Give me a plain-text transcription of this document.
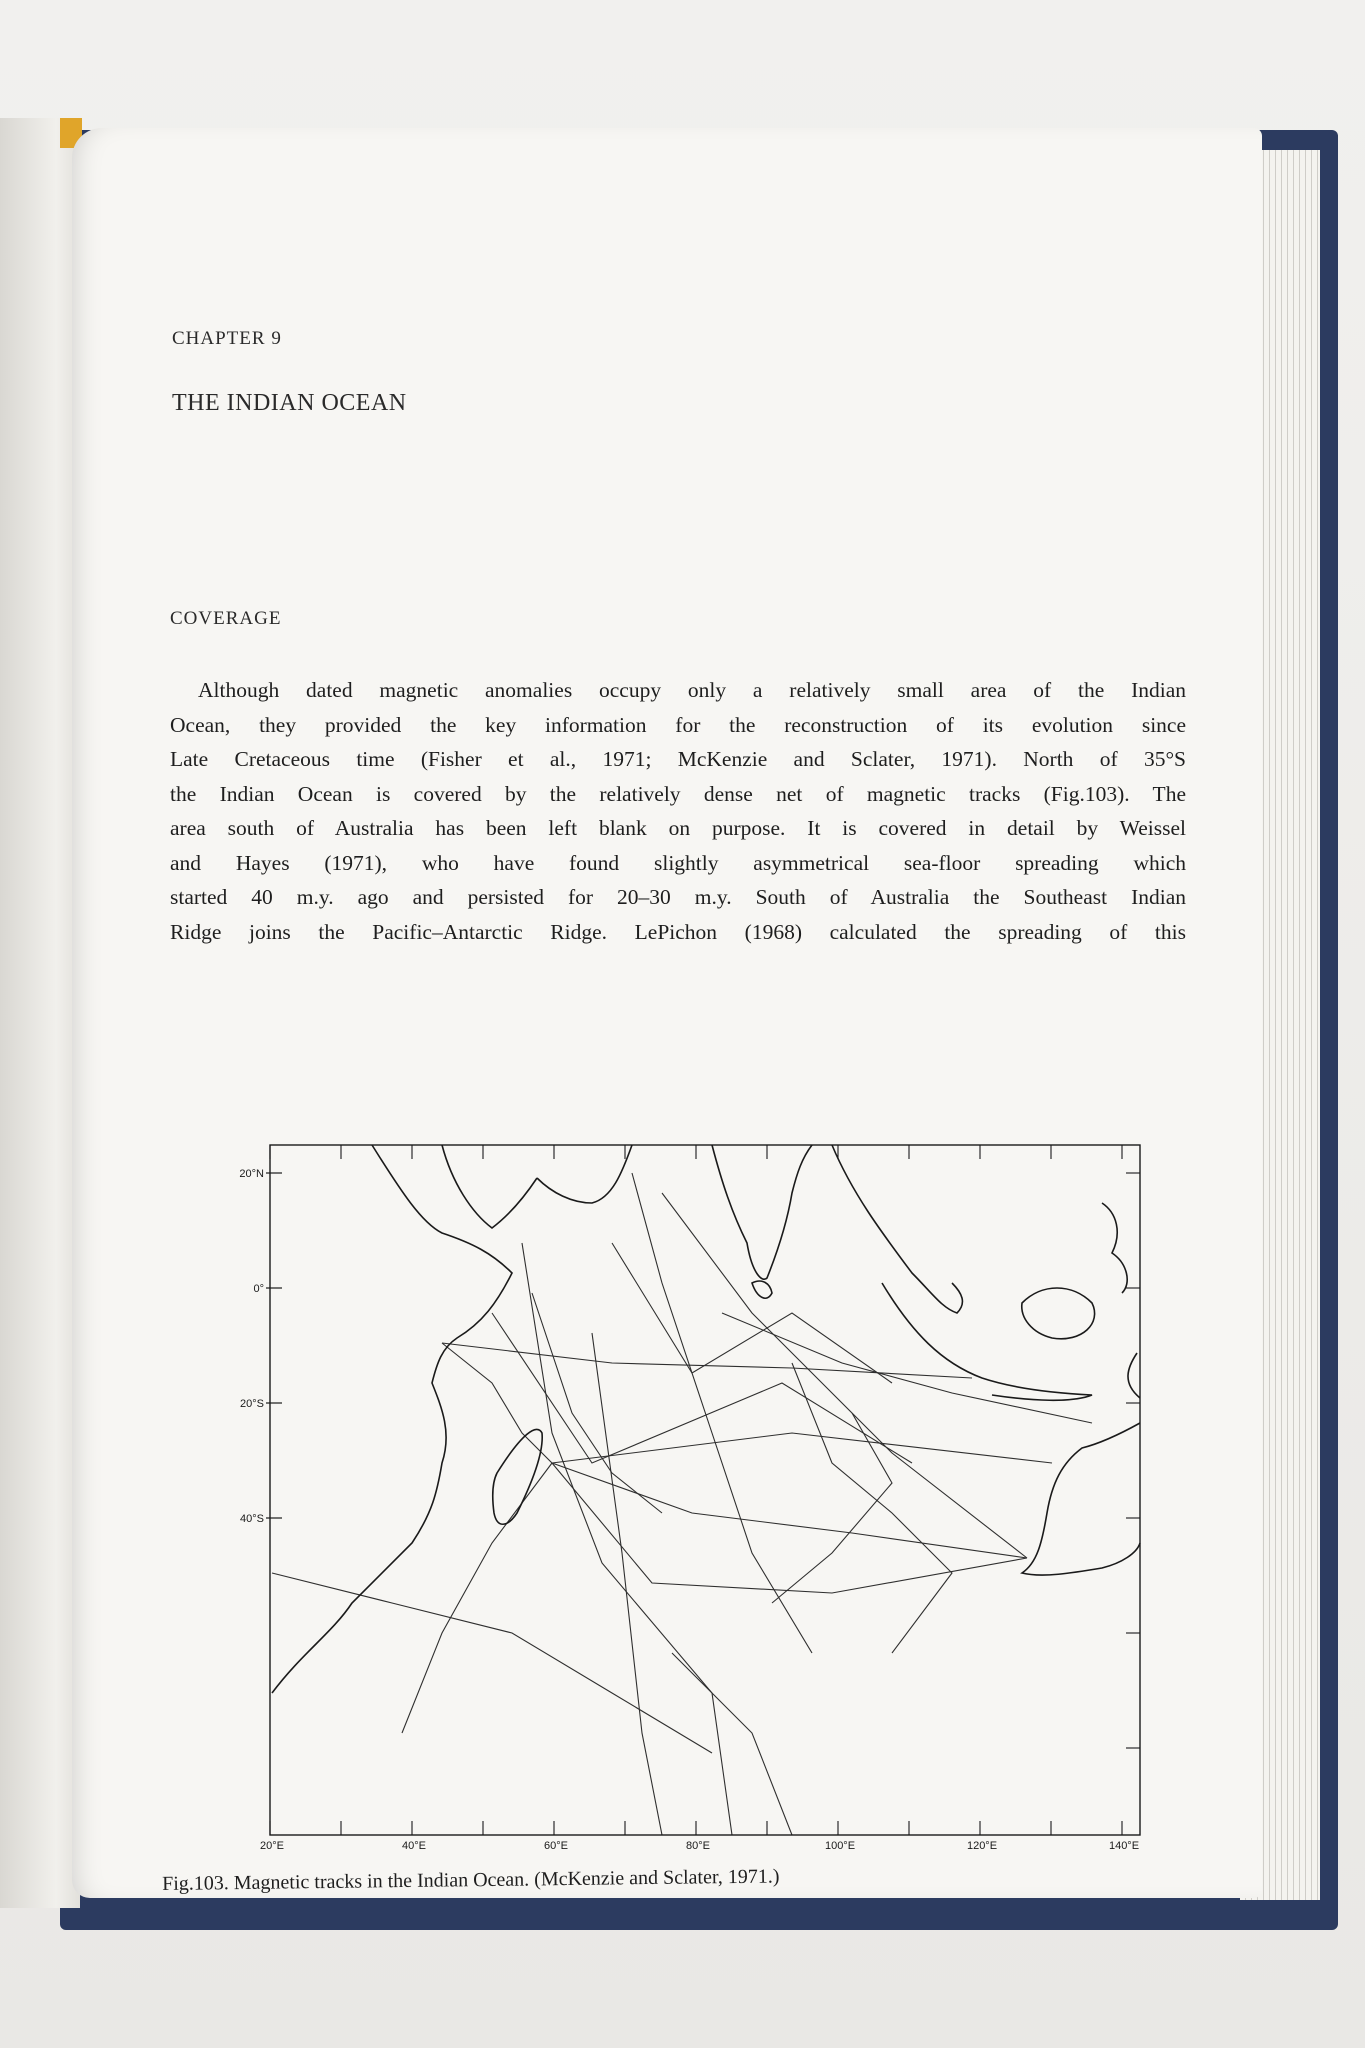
CHAPTER 9
THE INDIAN OCEAN
COVERAGE

Although dated magnetic anomalies occupy only a relatively small area of the Indian
Ocean, they provided the key information for the reconstruction of its evolution since
Late Cretaceous time (Fisher et al., 1971; McKenzie and Sclater, 1971). North of 35°S
the Indian Ocean is covered by the relatively dense net of magnetic tracks (Fig.103). The
area south of Australia has been left blank on purpose. It is covered in detail by Weissel
and Hayes (1971), who have found slightly asymmetrical sea-floor spreading which
started 40 m.y. ago and persisted for 20–30 m.y. South of Australia the Southeast Indian
Ridge joins the Pacific–Antarctic Ridge. LePichon (1968) calculated the spreading of this

20°N
0°
20°S
40°S
20°E	40°E	60°E	80°E	100°E	120°E	140°E
Fig.103. Magnetic tracks in the Indian Ocean. (McKenzie and Sclater, 1971.)
